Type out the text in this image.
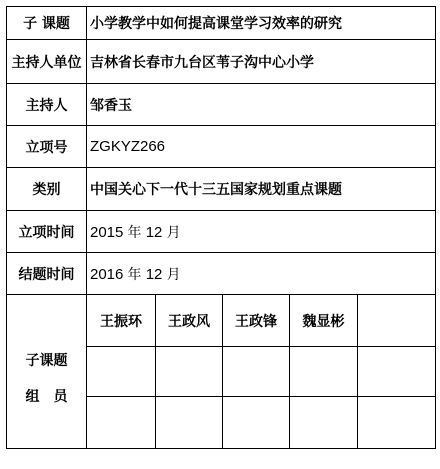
子 课题	小学教学中如何提高课堂学习效率的研究				
主持人单位	吉林省长春市九台区苇子沟中心小学				
主持人	邹香玉				
立项号	ZGKYZ266				
类别	中国关心下一代十三五国家规划重点课题				
立项时间	2015 年 12 月				
结题时间	2016 年 12 月				

子课题
组员	王振环	王政风	王政锋	魏显彬	
